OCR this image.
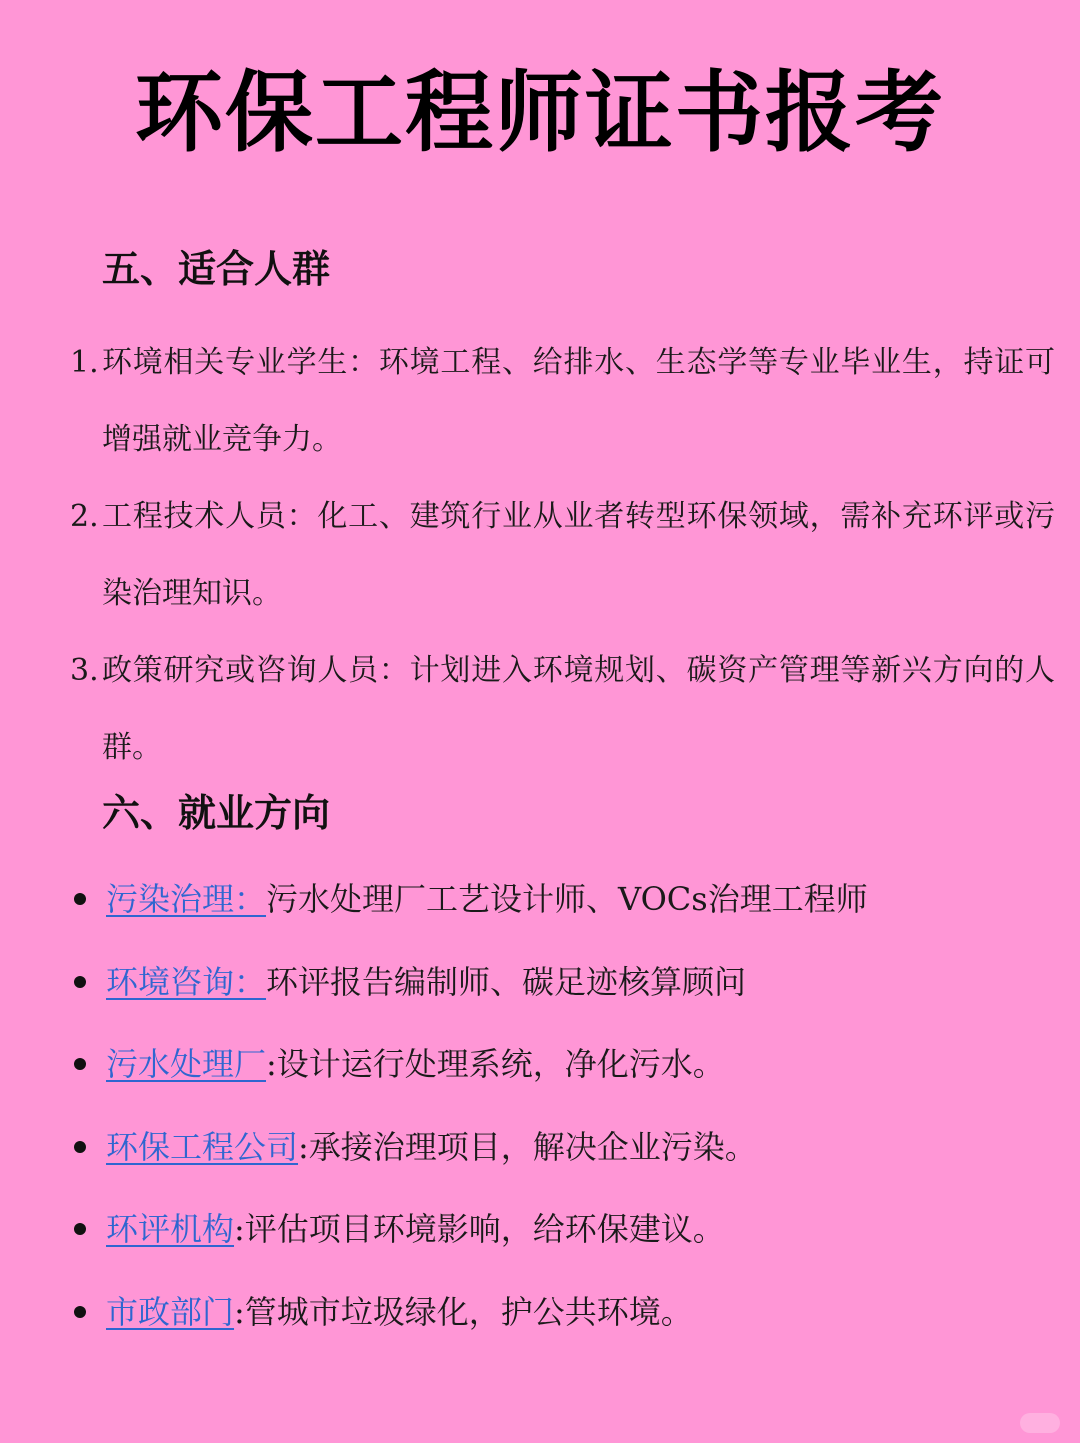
环保工程师证书报考
五、适合人群
1. 环境相关专业学生：环境工程、给排水、生态学等专业毕业生，持证可增强就业竞争力。
2. 工程技术人员：化工、建筑行业从业者转型环保领域，需补充环评或污染治理知识。
3. 政策研究或咨询人员：计划进入环境规划、碳资产管理等新兴方向的人群。
六、就业方向
污染治理：污水处理厂工艺设计师、VOCs治理工程师
环境咨询：环评报告编制师、碳足迹核算顾问
污水处理厂:设计运行处理系统，净化污水。
环保工程公司:承接治理项目，解决企业污染。
环评机构:评估项目环境影响，给环保建议。
市政部门:管城市垃圾绿化，护公共环境。
